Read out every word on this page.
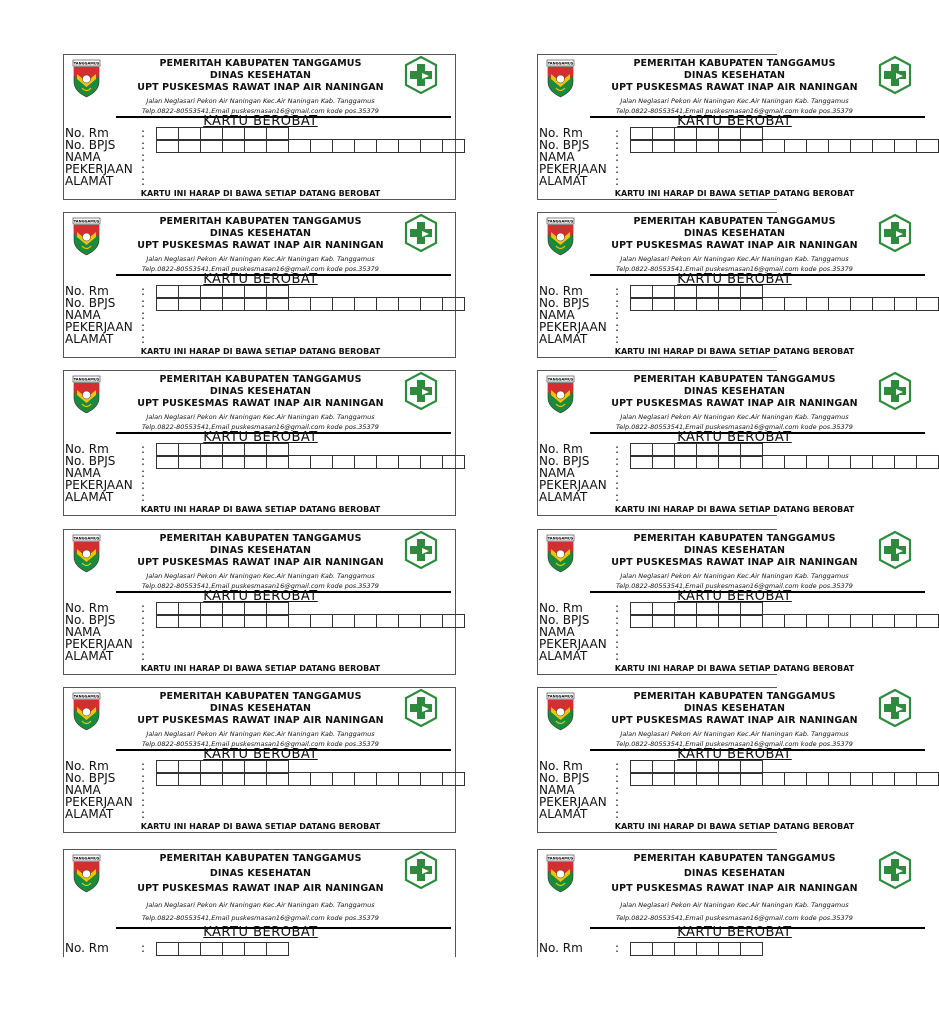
TANGGAMUS	PEMERITAH KABUPATEN TANGGAMUS
DINAS KESEHATAN
UPT PUSKESMAS RAWAT INAP AIR NANINGAN
Jalan Neglasari Pekon Air Naningan Kec.Air Naningan Kab. Tanggamus
Telp.0822-80553541,Email puskesmasan16@gmail.com kode pos.35379
KARTU BEROBAT
No. Rm	:
No. BPJS :
NAMA	:
PEKERJAAN :
ALAMAT :
KARTU INI HARAP DI BAWA SETIAP DATANG BEROBAT
TANGGAMUS	PEMERITAH KABUPATEN TANGGAMUS
DINAS KESEHATAN
UPT PUSKESMAS RAWAT INAP AIR NANINGAN
Jalan Neglasari Pekon Air Naningan Kec.Air Naningan Kab. Tanggamus
Telp.0822-80553541,Email puskesmasan16@gmail.com kode pos.35379
KARTU BEROBAT
No. Rm	:
No. BPJS :
NAMA	:
PEKERJAAN :
ALAMAT :
KARTU INI HARAP DI BAWA SETIAP DATANG BEROBAT
TANGGAMUS	PEMERITAH KABUPATEN TANGGAMUS
DINAS KESEHATAN
UPT PUSKESMAS RAWAT INAP AIR NANINGAN
Jalan Neglasari Pekon Air Naningan Kec.Air Naningan Kab. Tanggamus
Telp.0822-80553541,Email puskesmasan16@gmail.com kode pos.35379
KARTU BEROBAT
No. Rm	:
No. BPJS :
NAMA	:
PEKERJAAN :
ALAMAT :
KARTU INI HARAP DI BAWA SETIAP DATANG BEROBAT
TANGGAMUS	PEMERITAH KABUPATEN TANGGAMUS
DINAS KESEHATAN
UPT PUSKESMAS RAWAT INAP AIR NANINGAN
Jalan Neglasari Pekon Air Naningan Kec.Air Naningan Kab. Tanggamus
Telp.0822-80553541,Email puskesmasan16@gmail.com kode pos.35379
KARTU BEROBAT
No. Rm	:
No. BPJS :
NAMA	:
PEKERJAAN :
ALAMAT :
KARTU INI HARAP DI BAWA SETIAP DATANG BEROBAT
TANGGAMUS	PEMERITAH KABUPATEN TANGGAMUS
DINAS KESEHATAN
UPT PUSKESMAS RAWAT INAP AIR NANINGAN
Jalan Neglasari Pekon Air Naningan Kec.Air Naningan Kab. Tanggamus
Telp.0822-80553541,Email puskesmasan16@gmail.com kode pos.35379
KARTU BEROBAT
No. Rm	:
No. BPJS :
NAMA	:
PEKERJAAN :
ALAMAT :
KARTU INI HARAP DI BAWA SETIAP DATANG BEROBAT
TANGGAMUS	PEMERITAH KABUPATEN TANGGAMUS
DINAS KESEHATAN
UPT PUSKESMAS RAWAT INAP AIR NANINGAN
Jalan Neglasari Pekon Air Naningan Kec.Air Naningan Kab. Tanggamus
Telp.0822-80553541,Email puskesmasan16@gmail.com kode pos.35379
KARTU BEROBAT
No. Rm	:
No. BPJS :
NAMA	:
PEKERJAAN :
ALAMAT :
KARTU INI HARAP DI BAWA SETIAP DATANG BEROBAT
TANGGAMUS	PEMERITAH KABUPATEN TANGGAMUS
DINAS KESEHATAN
UPT PUSKESMAS RAWAT INAP AIR NANINGAN
Jalan Neglasari Pekon Air Naningan Kec.Air Naningan Kab. Tanggamus
Telp.0822-80553541,Email puskesmasan16@gmail.com kode pos.35379
KARTU BEROBAT
No. Rm	:
No. BPJS :
NAMA	:
PEKERJAAN :
ALAMAT :
KARTU INI HARAP DI BAWA SETIAP DATANG BEROBAT
TANGGAMUS	PEMERITAH KABUPATEN TANGGAMUS
DINAS KESEHATAN
UPT PUSKESMAS RAWAT INAP AIR NANINGAN
Jalan Neglasari Pekon Air Naningan Kec.Air Naningan Kab. Tanggamus
Telp.0822-80553541,Email puskesmasan16@gmail.com kode pos.35379
KARTU BEROBAT
No. Rm	:
No. BPJS :
NAMA	:
PEKERJAAN :
ALAMAT :
KARTU INI HARAP DI BAWA SETIAP DATANG BEROBAT
TANGGAMUS	PEMERITAH KABUPATEN TANGGAMUS
DINAS KESEHATAN
UPT PUSKESMAS RAWAT INAP AIR NANINGAN
Jalan Neglasari Pekon Air Naningan Kec.Air Naningan Kab. Tanggamus
Telp.0822-80553541,Email puskesmasan16@gmail.com kode pos.35379
KARTU BEROBAT
No. Rm	:
No. BPJS :
NAMA	:
PEKERJAAN :
ALAMAT :
KARTU INI HARAP DI BAWA SETIAP DATANG BEROBAT
TANGGAMUS	PEMERITAH KABUPATEN TANGGAMUS
DINAS KESEHATAN
UPT PUSKESMAS RAWAT INAP AIR NANINGAN
Jalan Neglasari Pekon Air Naningan Kec.Air Naningan Kab. Tanggamus
Telp.0822-80553541,Email puskesmasan16@gmail.com kode pos.35379
KARTU BEROBAT
No. Rm	:
No. BPJS :
NAMA	:
PEKERJAAN :
ALAMAT :
KARTU INI HARAP DI BAWA SETIAP DATANG BEROBAT
TANGGAMUS	PEMERITAH KABUPATEN TANGGAMUS
DINAS KESEHATAN
UPT PUSKESMAS RAWAT INAP AIR NANINGAN
Jalan Neglasari Pekon Air Naningan Kec.Air Naningan Kab. Tanggamus
Telp.0822-80553541,Email puskesmasan16@gmail.com kode pos.35379
KARTU BEROBAT
No. Rm	:
TANGGAMUS	PEMERITAH KABUPATEN TANGGAMUS
DINAS KESEHATAN
UPT PUSKESMAS RAWAT INAP AIR NANINGAN
Jalan Neglasari Pekon Air Naningan Kec.Air Naningan Kab. Tanggamus
Telp.0822-80553541,Email puskesmasan16@gmail.com kode pos.35379
KARTU BEROBAT
No. Rm	:
